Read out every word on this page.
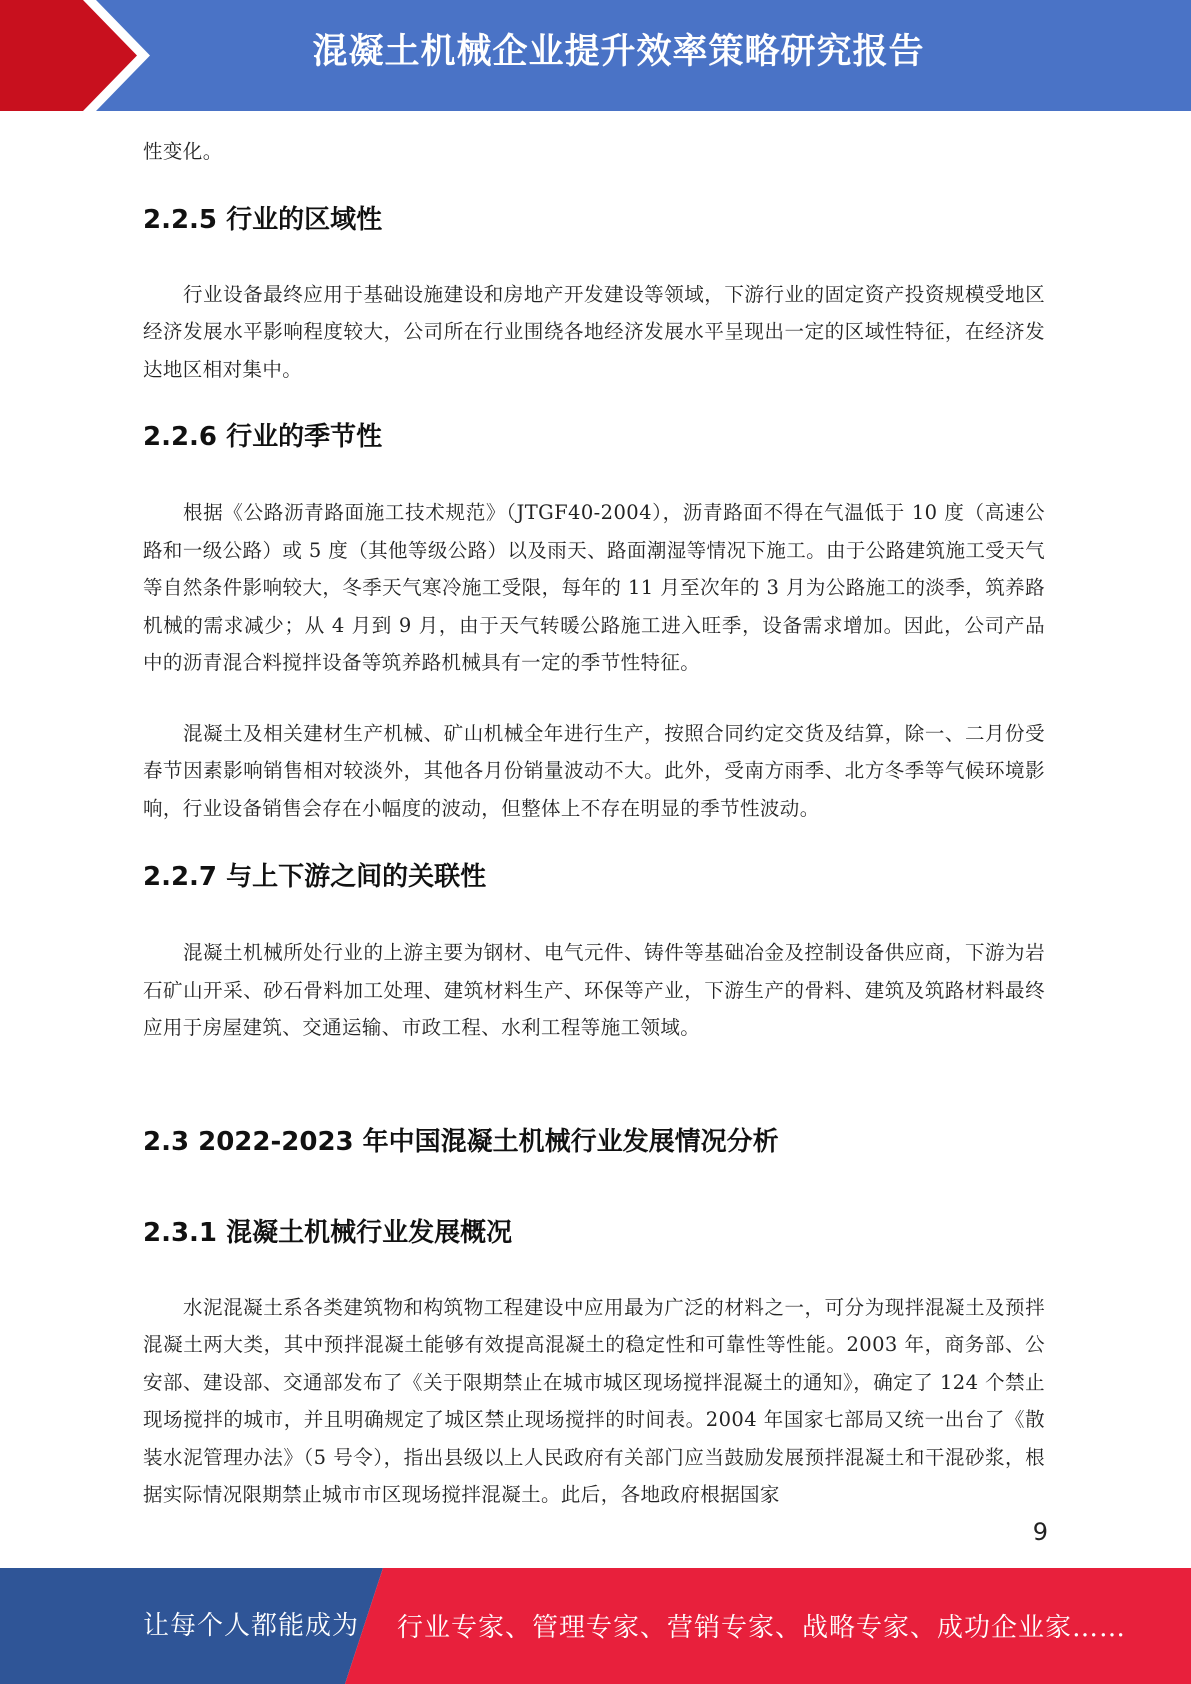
混凝土机械企业提升效率策略研究报告

性变化。

2.2.5 行业的区域性

行业设备最终应用于基础设施建设和房地产开发建设等领域，下游行业的固定资产投资规模受地区经济发展水平影响程度较大，公司所在行业围绕各地经济发展水平呈现出一定的区域性特征，在经济发达地区相对集中。

2.2.6 行业的季节性

根据《公路沥青路面施工技术规范》（JTGF40-2004），沥青路面不得在气温低于 10 度（高速公路和一级公路）或 5 度（其他等级公路）以及雨天、路面潮湿等情况下施工。由于公路建筑施工受天气等自然条件影响较大，冬季天气寒冷施工受限，每年的 11 月至次年的 3 月为公路施工的淡季，筑养路机械的需求减少；从 4 月到 9 月，由于天气转暖公路施工进入旺季，设备需求增加。因此，公司产品中的沥青混合料搅拌设备等筑养路机械具有一定的季节性特征。

混凝土及相关建材生产机械、矿山机械全年进行生产，按照合同约定交货及结算，除一、二月份受春节因素影响销售相对较淡外，其他各月份销量波动不大。此外，受南方雨季、北方冬季等气候环境影响，行业设备销售会存在小幅度的波动，但整体上不存在明显的季节性波动。

2.2.7 与上下游之间的关联性

混凝土机械所处行业的上游主要为钢材、电气元件、铸件等基础冶金及控制设备供应商，下游为岩石矿山开采、砂石骨料加工处理、建筑材料生产、环保等产业，下游生产的骨料、建筑及筑路材料最终应用于房屋建筑、交通运输、市政工程、水利工程等施工领域。

2.3 2022-2023 年中国混凝土机械行业发展情况分析
2.3.1 混凝土机械行业发展概况

水泥混凝土系各类建筑物和构筑物工程建设中应用最为广泛的材料之一，可分为现拌混凝土及预拌混凝土两大类，其中预拌混凝土能够有效提高混凝土的稳定性和可靠性等性能。2003 年，商务部、公安部、建设部、交通部发布了《关于限期禁止在城市城区现场搅拌混凝土的通知》，确定了 124 个禁止现场搅拌的城市，并且明确规定了城区禁止现场搅拌的时间表。2004 年国家七部局又统一出台了《散装水泥管理办法》（5 号令），指出县级以上人民政府有关部门应当鼓励发展预拌混凝土和干混砂浆，根据实际情况限期禁止城市市区现场搅拌混凝土。此后，各地政府根据国家

9
让每个人都能成为 行业专家、管理专家、营销专家、战略专家、成功企业家……
